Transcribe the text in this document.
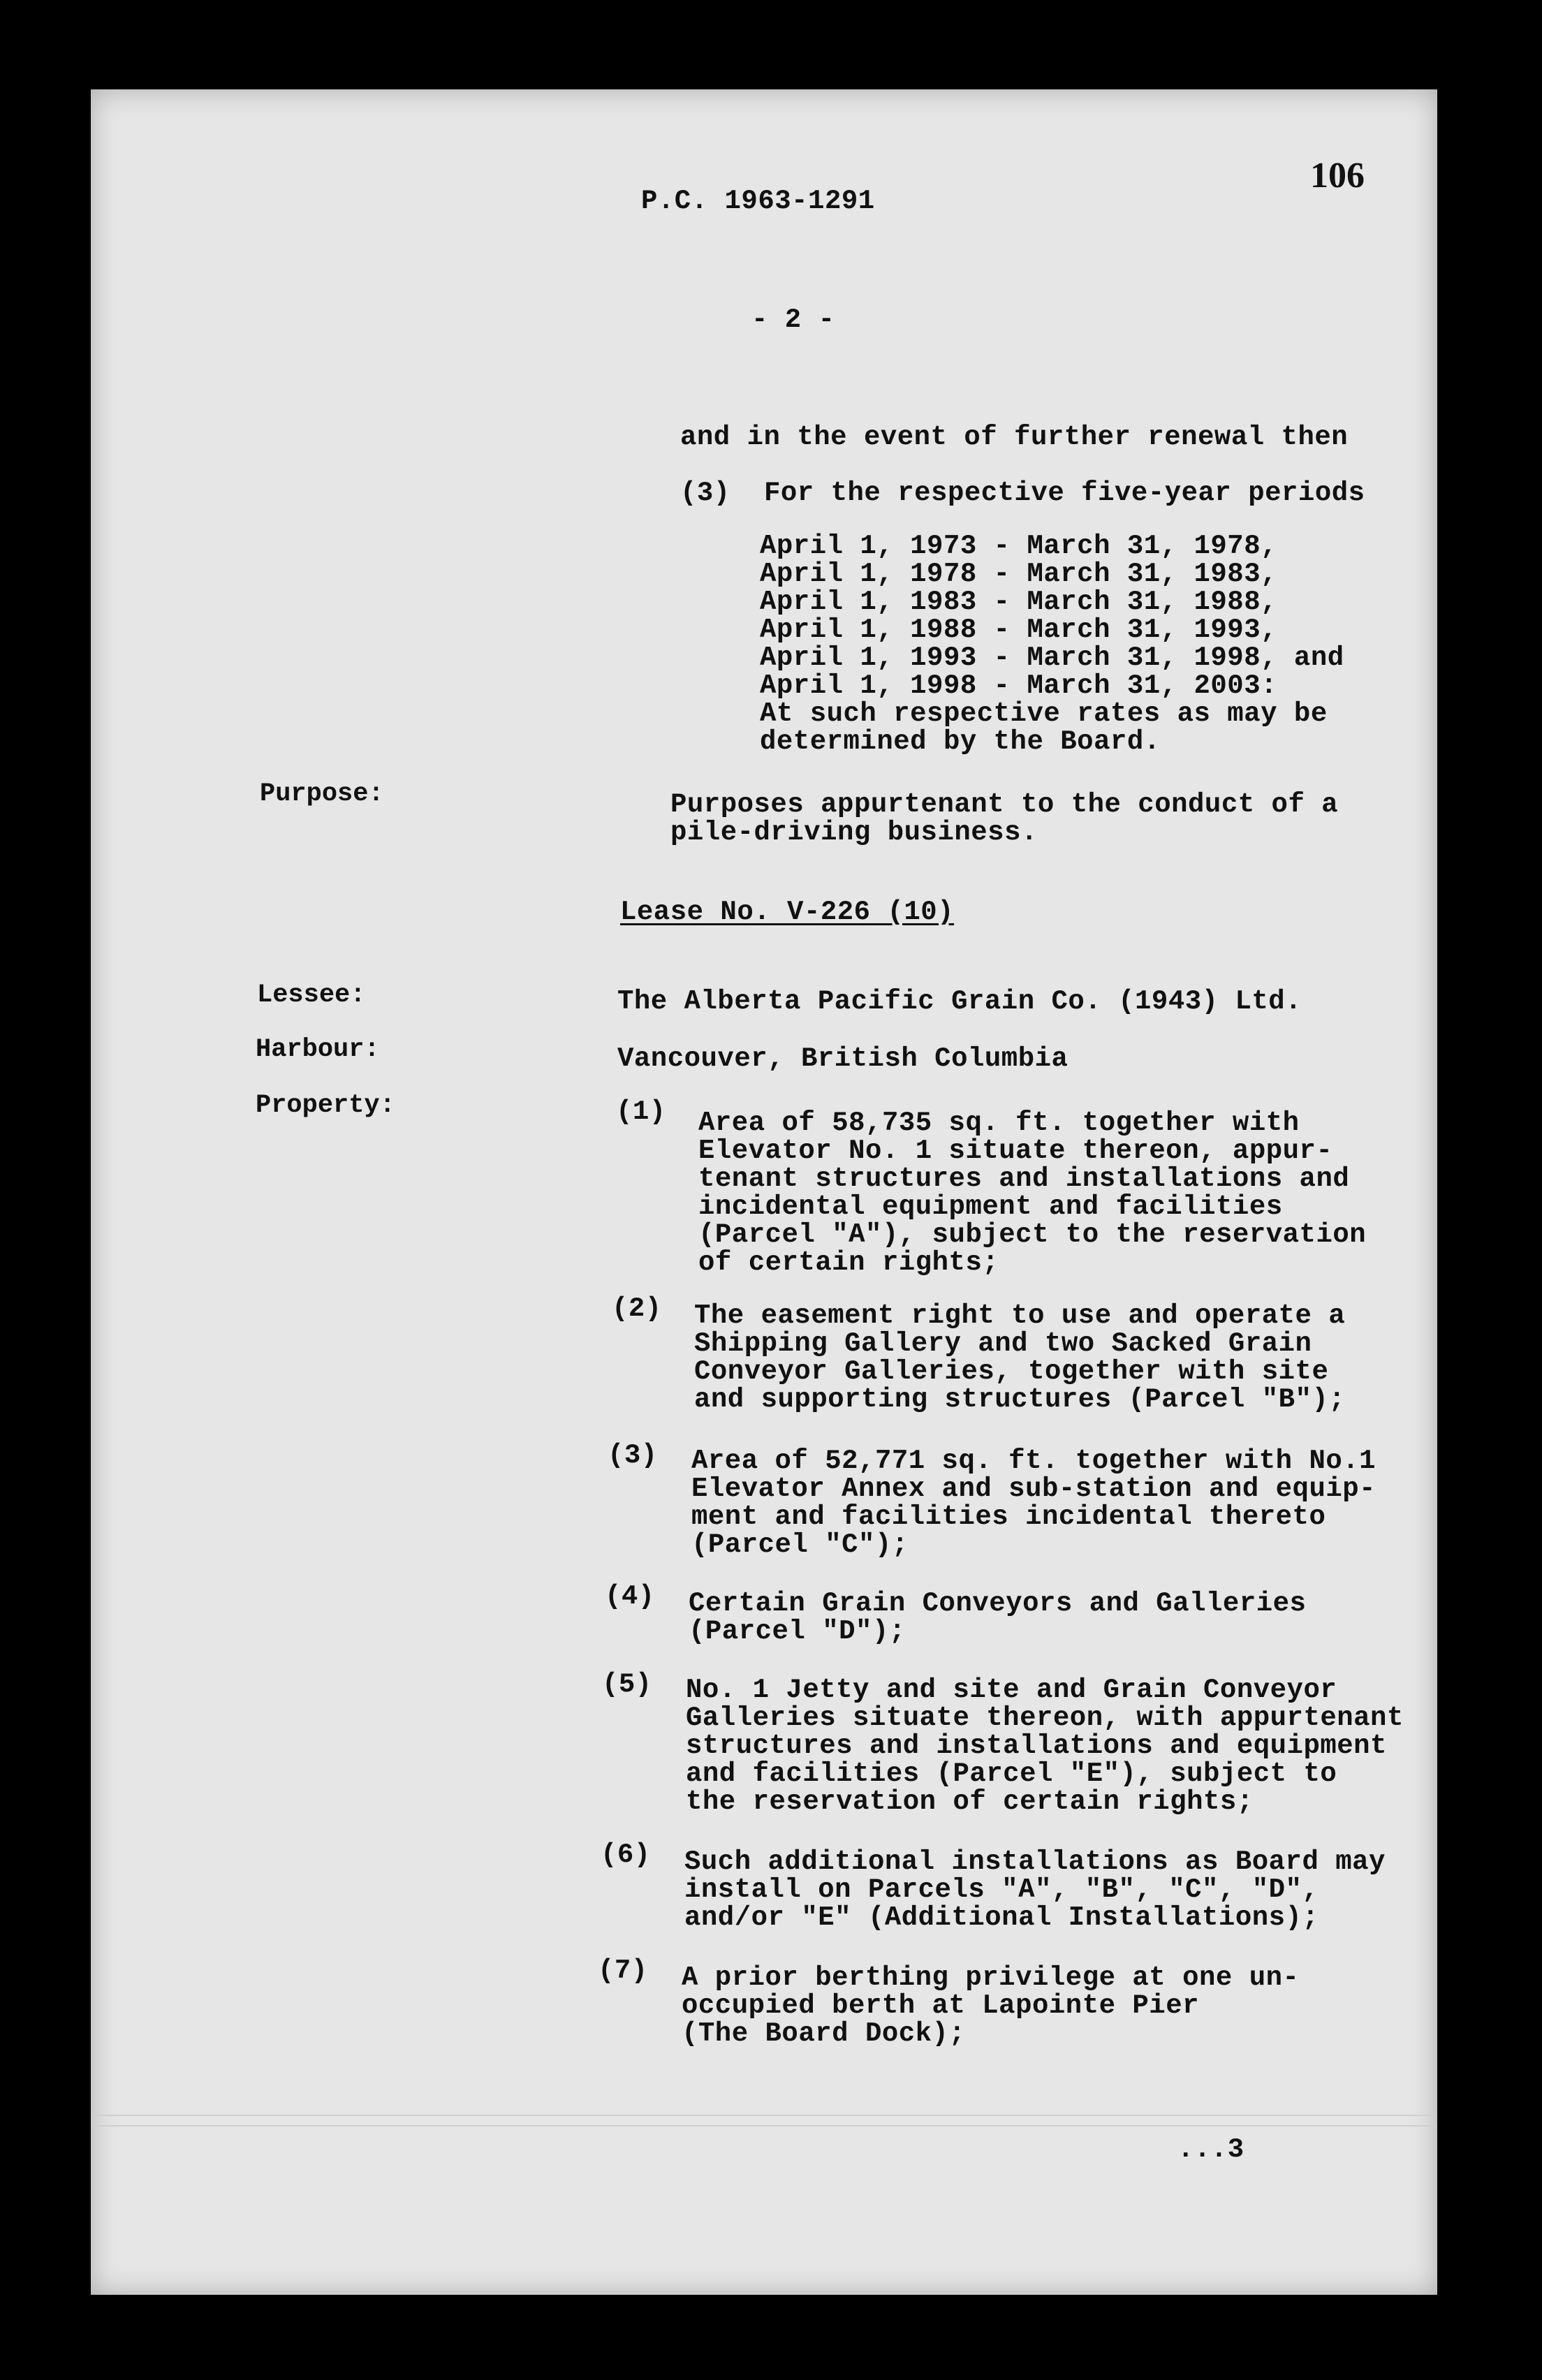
P.C. 1963-1291
106
- 2 -
and in the event of further renewal then
(3) For the respective five-year periods
April 1, 1973 - March 31, 1978,
April 1, 1978 - March 31, 1983,
April 1, 1983 - March 31, 1988,
April 1, 1988 - March 31, 1993,
April 1, 1993 - March 31, 1998, and
April 1, 1998 - March 31, 2003:
At such respective rates as may be
determined by the Board.
Purpose:	Purposes appurtenant to the conduct of a
pile-driving business.
Lease No. V-226 (10)
Lessee:	The Alberta Pacific Grain Co. (1943) Ltd.
Harbour:	Vancouver, British Columbia
Property:	(1) Area of 58,735 sq. ft. together with
Elevator No. 1 situate thereon, appur-
tenant structures and installations and
incidental equipment and facilities
(Parcel "A"), subject to the reservation
of certain rights;
(2) The easement right to use and operate a
Shipping Gallery and two Sacked Grain
Conveyor Galleries, together with site
and supporting structures (Parcel "B");
(3) Area of 52,771 sq. ft. together with No.1
Elevator Annex and sub-station and equip-
ment and facilities incidental thereto
(Parcel "C");
(4) Certain Grain Conveyors and Galleries
(Parcel "D");
(5) No. 1 Jetty and site and Grain Conveyor
Galleries situate thereon, with appurtenant
structures and installations and equipment
and facilities (Parcel "E"), subject to
the reservation of certain rights;
(6) Such additional installations as Board may
install on Parcels "A", "B", "C", "D",
and/or "E" (Additional Installations);
(7) A prior berthing privilege at one un-
occupied berth at Lapointe Pier
(The Board Dock);
...3
